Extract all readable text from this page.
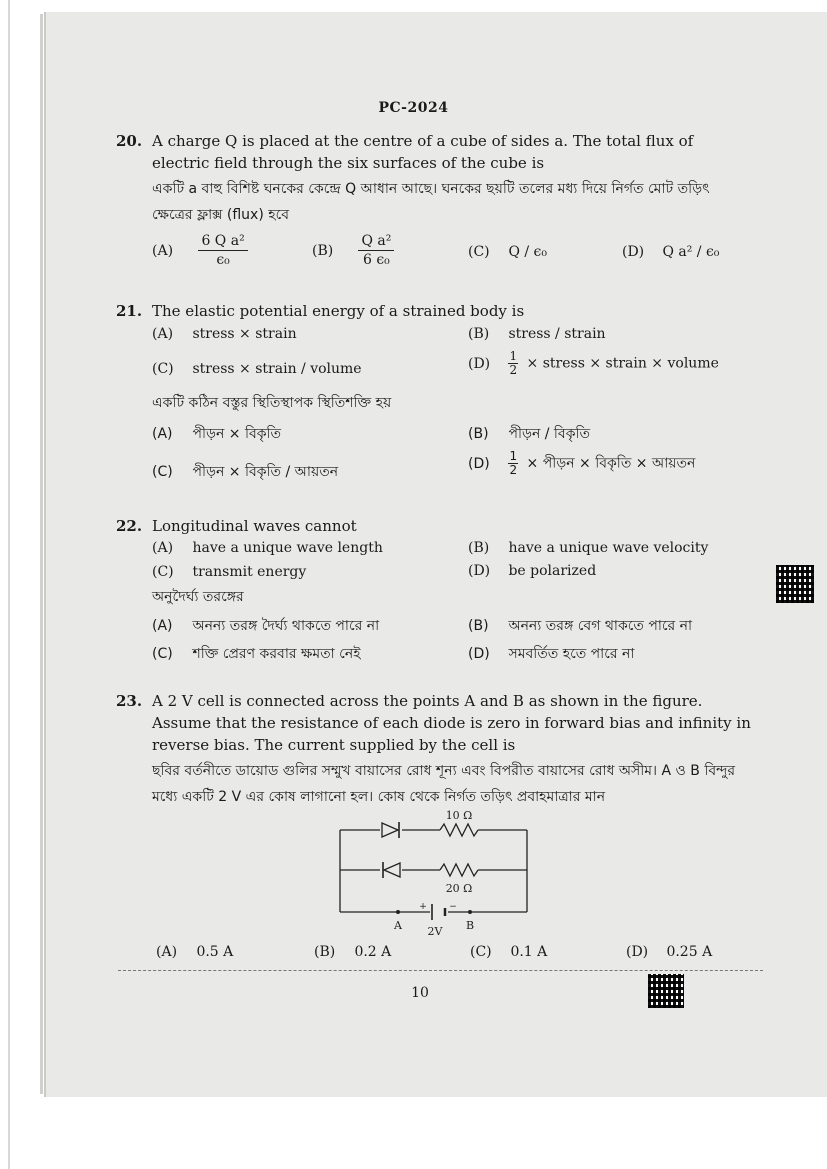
PC-2024
20. A charge Q is placed at the centre of a cube of sides a. The total flux of electric field through the six surfaces of the cube is
একটি a বাহু বিশিষ্ট ঘনকের কেন্দ্রে Q আধান আছে। ঘনকের ছয়টি তলের মধ্য দিয়ে নির্গত মোট তড়িৎ ক্ষেত্রের ফ্লাক্স (flux) হবে
$(A) \frac{\text{6 Q a²}}{\text{ϵ₀}}$	$(B) \frac{\text{Q a²}}{\text{6 ϵ₀}}$	(C) Q / ϵ₀	(D) Q a² / ϵ₀
21. The elastic potential energy of a strained body is
(A) stress × strain	(B) stress / strain
(C) stress × strain / volume	$(D) \frac{1}{2}$ × stress × strain × volume
একটি কঠিন বস্তুর স্থিতিস্থাপক স্থিতিশক্তি হয়
(A) পীড়ন × বিকৃতি	(B) পীড়ন / বিকৃতি
(C) পীড়ন × বিকৃতি / আয়তন
$(D) \frac{1}{2}$ × পীড়ন × বিকৃতি × আয়তন
22. Longitudinal waves cannot
(A) have a unique wave length	(B) have a unique wave velocity
(C) transmit energy	(D) be polarized
অনুদৈর্ঘ্য তরঙ্গের
(A) অনন্য তরঙ্গ দৈর্ঘ্য থাকতে পারে না	(B) অনন্য তরঙ্গ বেগ থাকতে পারে না
(C) শক্তি প্রেরণ করবার ক্ষমতা নেই	(D) সমবর্তিত হতে পারে না
23. A 2 V cell is connected across the points A and B as shown in the figure. Assume that the resistance of each diode is zero in forward bias and infinity in reverse bias. The current supplied by the cell is
ছবির বর্তনীতে ডায়োড গুলির সম্মুখ বায়াসের রোধ শূন্য এবং বিপরীত বায়াসের রোধ অসীম। A ও B বিন্দুর মধ্যে একটি 2 V এর কোষ লাগানো হল। কোষ থেকে নির্গত তড়িৎ প্রবাহমাত্রার মান
10 Ω
20 Ω
A	B
+ −
2V
(A) 0.5 A	(B) 0.2 A	(C) 0.1 A	(D) 0.25 A
10
